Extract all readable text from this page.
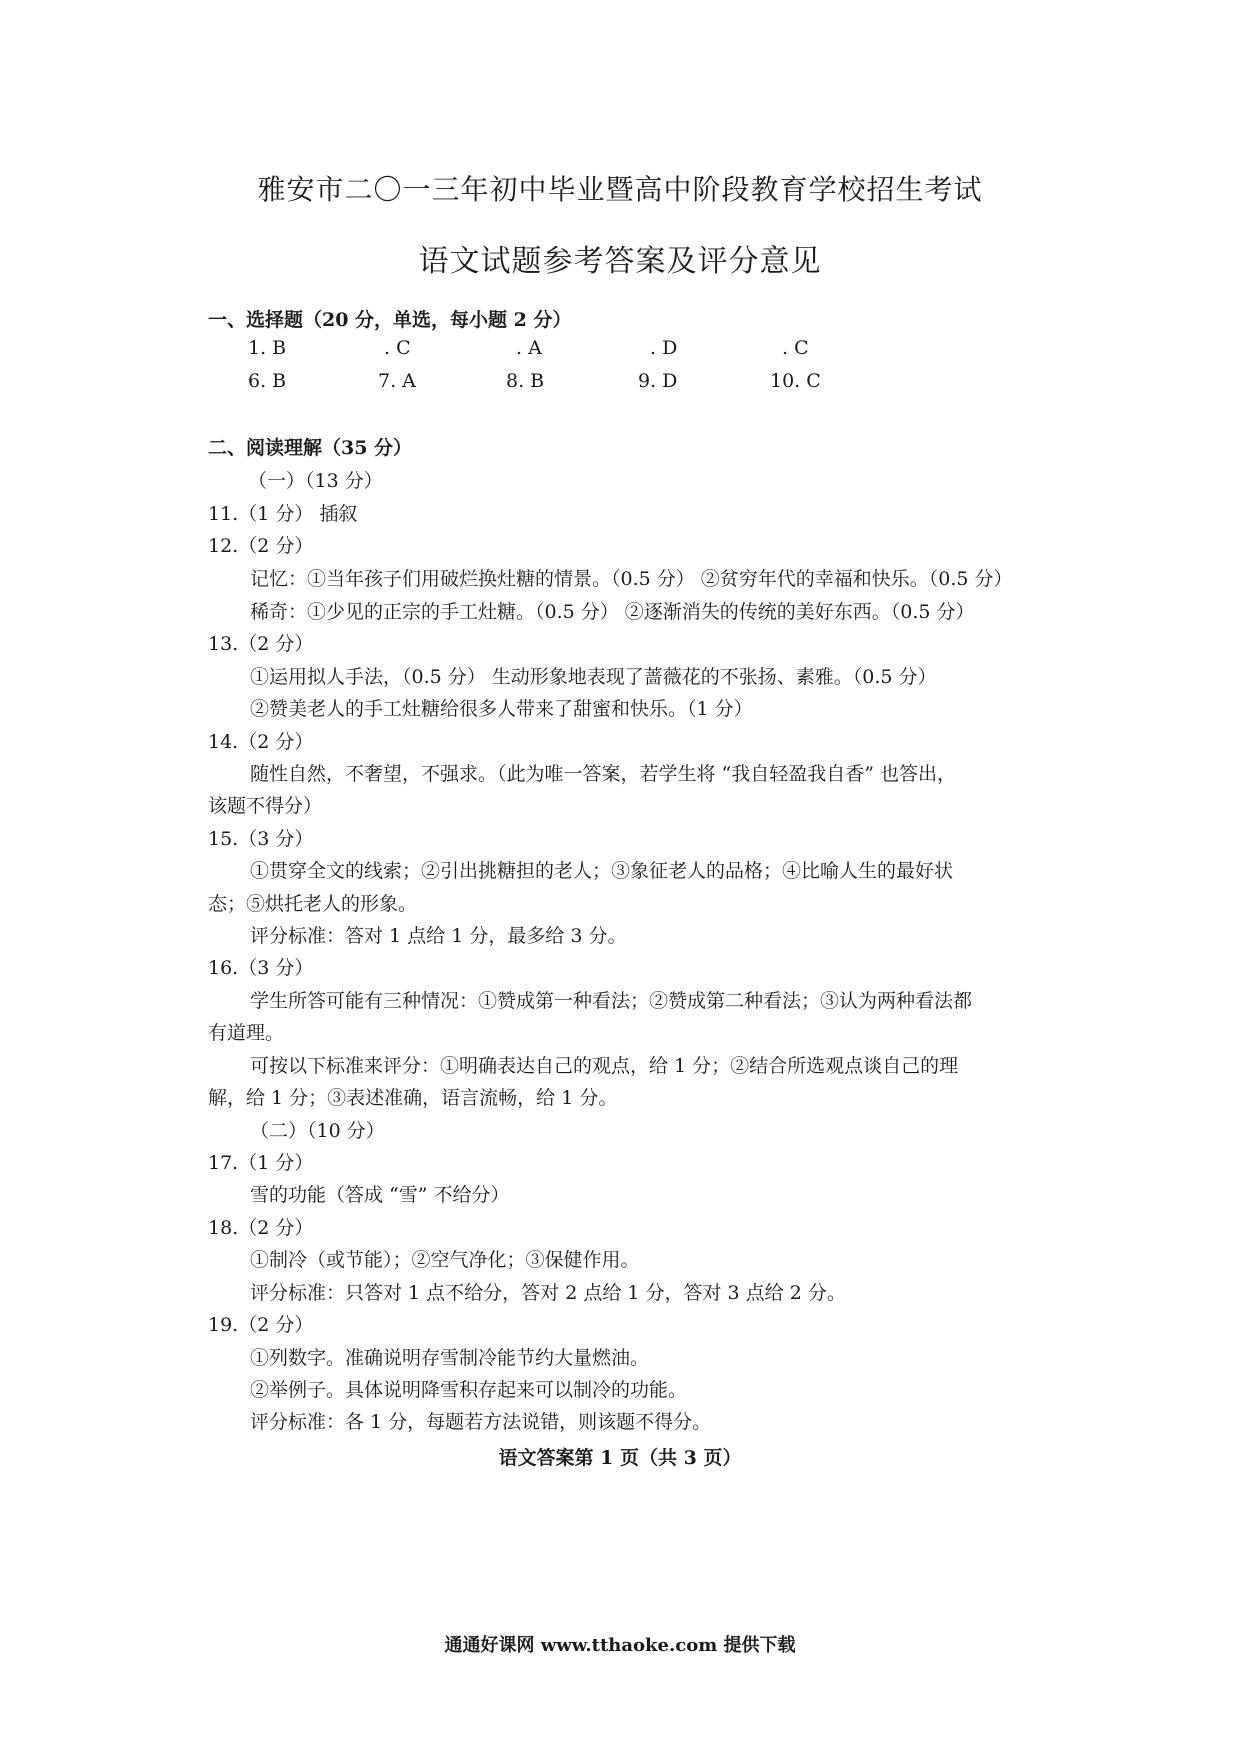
雅安市二〇一三年初中毕业暨高中阶段教育学校招生考试
语文试题参考答案及评分意见
一、选择题（20 分，单选，每小题 2 分）
1. B	. C	. A	. D	. C
6. B	7. A	8. B	9. D	10. C
二、阅读理解（35 分）
（一）（13 分）
11.（1 分） 插叙
12.（2 分）
记忆：①当年孩子们用破烂换灶糖的情景。（0.5 分） ②贫穷年代的幸福和快乐。（0.5 分）
稀奇：①少见的正宗的手工灶糖。（0.5 分） ②逐渐消失的传统的美好东西。（0.5 分）
13.（2 分）
①运用拟人手法，（0.5 分） 生动形象地表现了蔷薇花的不张扬、素雅。（0.5 分）
②赞美老人的手工灶糖给很多人带来了甜蜜和快乐。（1 分）
14.（2 分）
随性自然，不奢望，不强求。（此为唯一答案，若学生将 “我自轻盈我自香” 也答出，
该题不得分）
15.（3 分）
①贯穿全文的线索；②引出挑糖担的老人；③象征老人的品格；④比喻人生的最好状
态；⑤烘托老人的形象。
评分标准：答对 1 点给 1 分，最多给 3 分。
16.（3 分）
学生所答可能有三种情况：①赞成第一种看法；②赞成第二种看法；③认为两种看法都
有道理。
可按以下标准来评分：①明确表达自己的观点，给 1 分；②结合所选观点谈自己的理
解，给 1 分；③表述准确，语言流畅，给 1 分。
（二）（10 分）
17.（1 分）
雪的功能（答成 “雪” 不给分）
18.（2 分）
①制冷（或节能）；②空气净化；③保健作用。
评分标准：只答对 1 点不给分，答对 2 点给 1 分，答对 3 点给 2 分。
19.（2 分）
①列数字。准确说明存雪制冷能节约大量燃油。
②举例子。具体说明降雪积存起来可以制冷的功能。
评分标准：各 1 分，每题若方法说错，则该题不得分。
语文答案第 1 页（共 3 页）
通通好课网 www.tthaoke.com 提供下载
